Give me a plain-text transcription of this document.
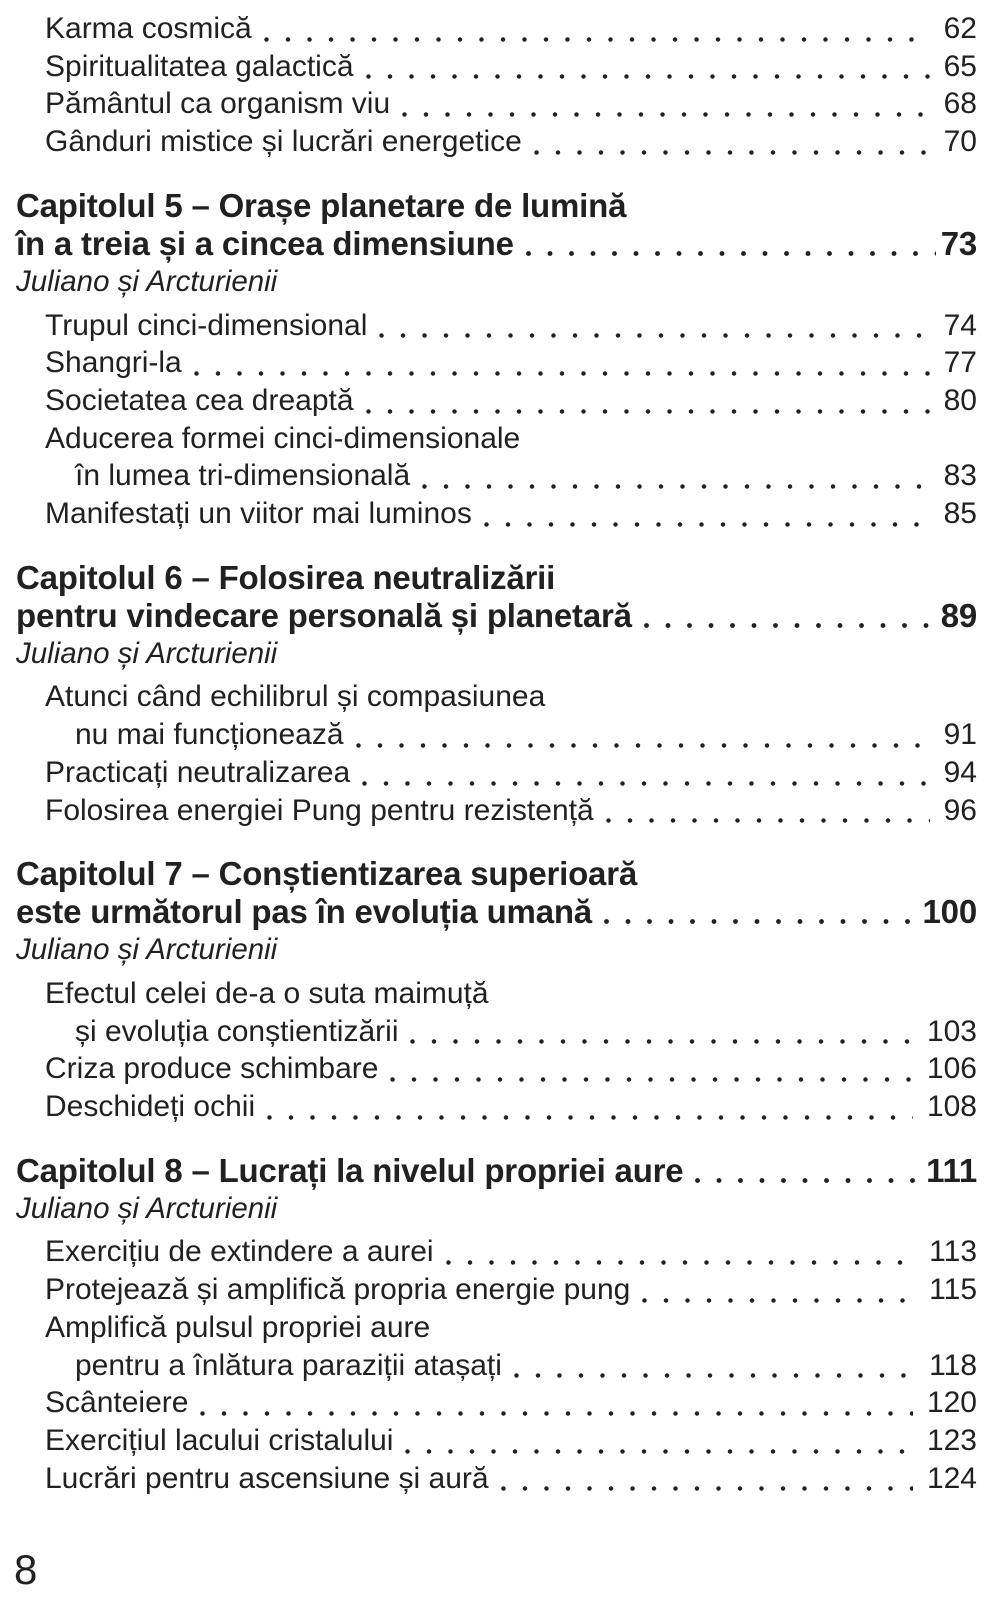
Karma cosmică	62
Spiritualitatea galactică	65
Pământul ca organism viu	68
Gânduri mistice și lucrări energetice	70
Capitolul 5 – Orașe planetare de lumină
în a treia și a cincea dimensiune	73
Juliano și Arcturienii
Trupul cinci-dimensional	74
Shangri-la	77
Societatea cea dreaptă	80
Aducerea formei cinci-dimensionale
în lumea tri-dimensională	83
Manifestați un viitor mai luminos	85
Capitolul 6 – Folosirea neutralizării
pentru vindecare personală și planetară	89
Juliano și Arcturienii
Atunci când echilibrul și compasiunea
nu mai funcționează	91
Practicați neutralizarea	94
Folosirea energiei Pung pentru rezistență	96
Capitolul 7 – Conștientizarea superioară
este următorul pas în evoluția umană	100
Juliano și Arcturienii
Efectul celei de-a o suta maimuță
și evoluția conștientizării	103
Criza produce schimbare	106
Deschideți ochii	108
Capitolul 8 – Lucrați la nivelul propriei aure	111
Juliano și Arcturienii
Exercițiu de extindere a aurei	113
Protejează și amplifică propria energie pung	115
Amplifică pulsul propriei aure
pentru a înlătura paraziții atașați	118
Scânteiere	120
Exercițiul lacului cristalului	123
Lucrări pentru ascensiune și aură	124
8
